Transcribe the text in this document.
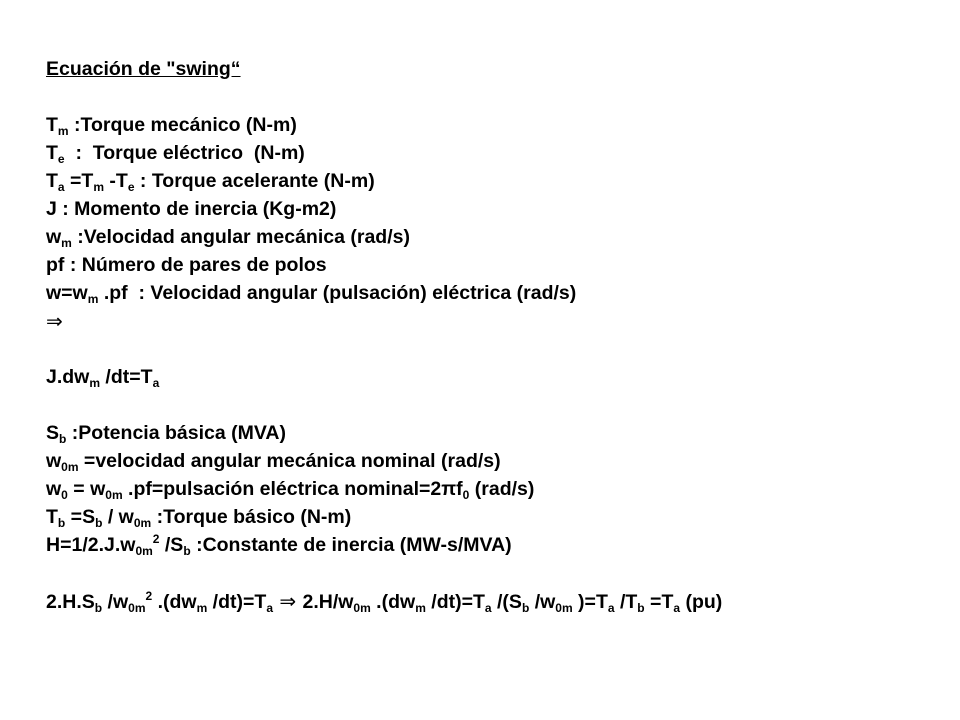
Ecuación de "swing“
$T_m$ :Torque mecánico (N-m)
$T_e$  :  Torque eléctrico  (N-m)
$T_a =T_m$ $-T_e$ : Torque acelerante (N-m)
J : Momento de inercia (Kg-m2)
$w_m$ :Velocidad angular mecánica (rad/s)
pf : Número de pares de polos
$w=w_m$ .pf  : Velocidad angular (pulsación) eléctrica (rad/s)
⇒
$J.dw_m$ $/dt=T_a$
$S_b$ :Potencia básica (MVA)
$w_{0m}$ =velocidad angular mecánica nominal (rad/s)
$w_0 = w_{0m}$ .pf=pulsación eléctrica $nominal=2\pi f_0$ (rad/s)
$T_b =S_b / w_{0m}$ :Torque básico (N-m)
$H=1/2.J.w_{0m}^2$ $/S_b$ :Constante de inercia (MW-s/MVA)
$2.H.S_b$ $/w_{0m}^2$ $.(dw_m$ $/dt)=T_a$ ⇒ $2.H/w_{0m}$ $.(dw_m$ $/dt)=T_a$ $/(S_b$ $/w_{0m}$ )$=T_a$ $/T_b =T_a$ (pu)
